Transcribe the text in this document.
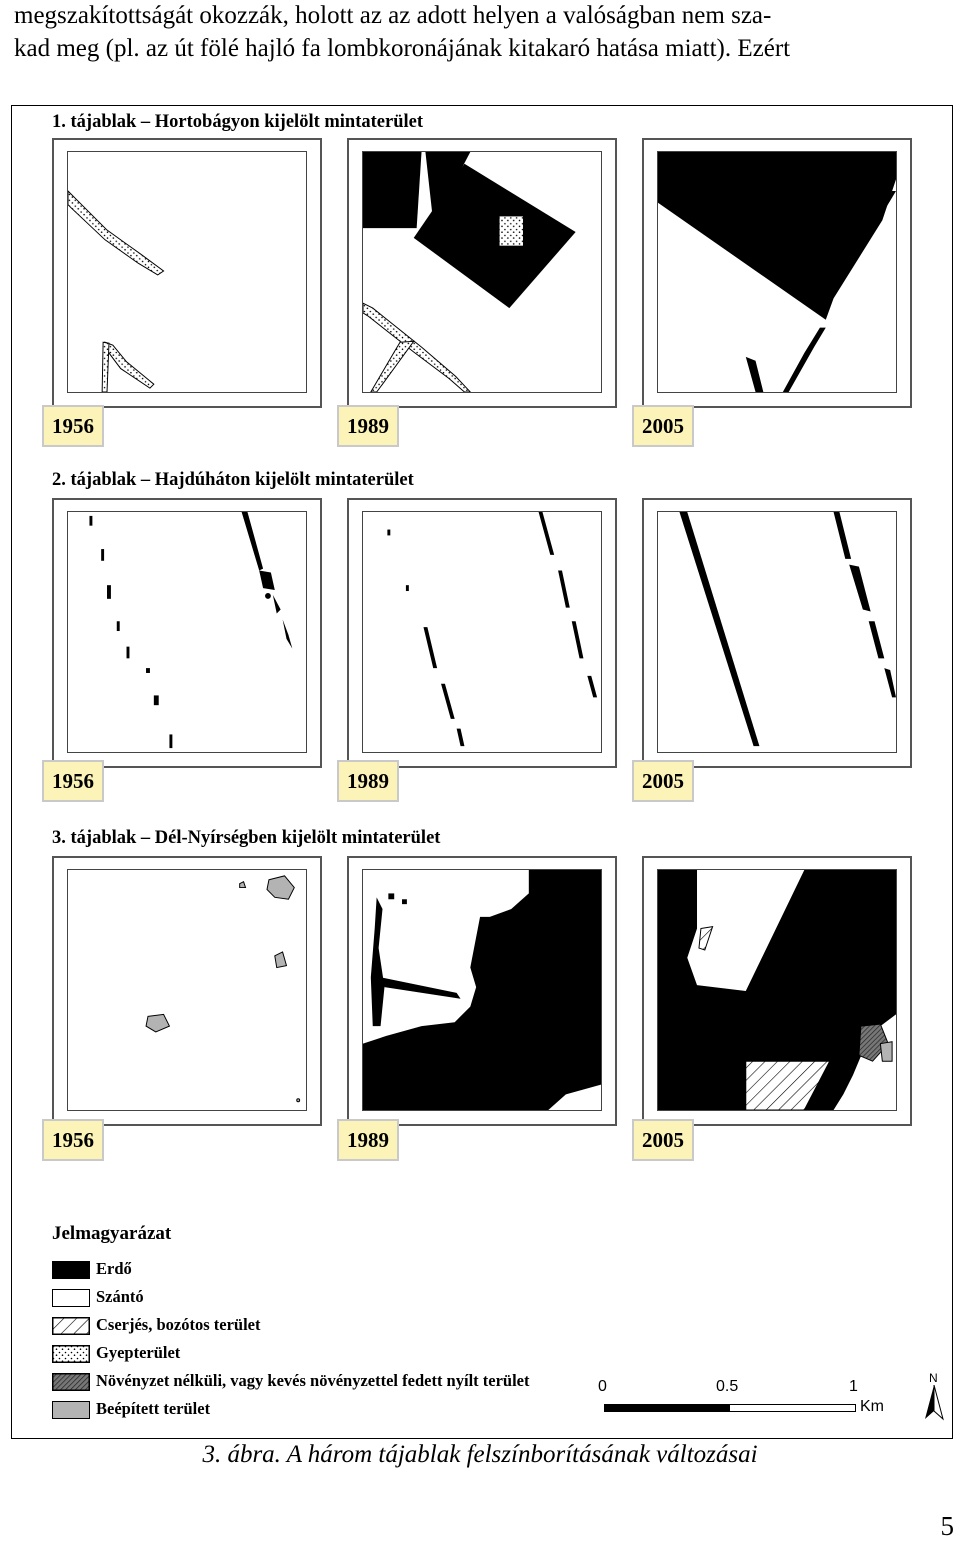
megszakítottságát okozzák, holott az az adott helyen a valóságban nem sza-
kad meg (pl. az út fölé hajló fa lombkoronájának kitakaró hatása miatt). Ezért
1. tájablak – Hortobágyon kijelölt mintaterület
1956	1989	2005
2. tájablak – Hajdúháton kijelölt mintaterület
1956	1989	2005
3. tájablak – Dél-Nyírségben kijelölt mintaterület
1956	1989	2005
Jelmagyarázat
Erdő
Szántó
Cserjés, bozótos terület
Gyepterület
Növényzet nélküli, vagy kevés növényzettel fedett nyílt terület
Beépített terület
0	0.5	1
Km
N
3. ábra. A három tájablak felszínborításának változásai
5
